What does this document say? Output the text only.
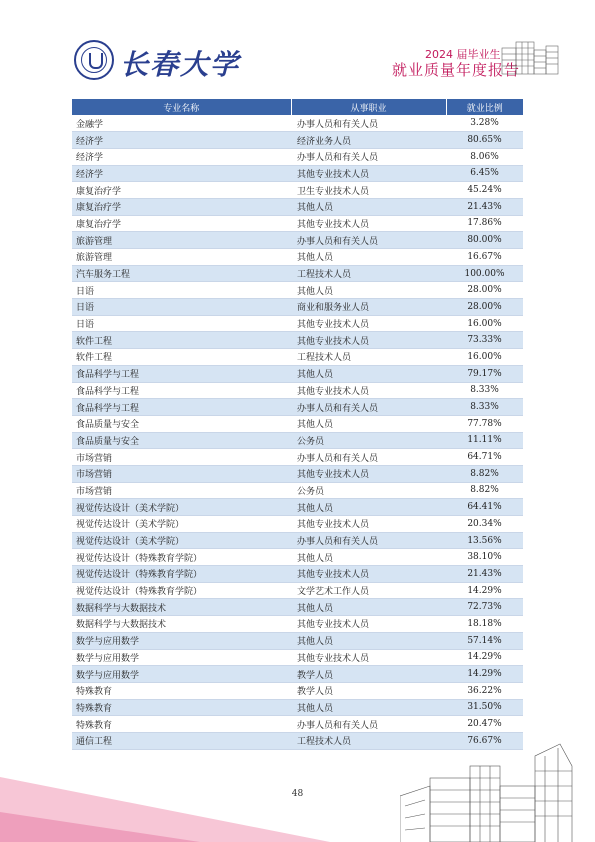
长春大学	2024 届毕业生
就业质量年度报告
专业名称	从事职业	就业比例
金融学	办事人员和有关人员	3.28%
经济学	经济业务人员	80.65%
经济学	办事人员和有关人员	8.06%
经济学	其他专业技术人员	6.45%
康复治疗学	卫生专业技术人员	45.24%
康复治疗学	其他人员	21.43%
康复治疗学	其他专业技术人员	17.86%
旅游管理	办事人员和有关人员	80.00%
旅游管理	其他人员	16.67%
汽车服务工程	工程技术人员	100.00%
日语	其他人员	28.00%
日语	商业和服务业人员	28.00%
日语	其他专业技术人员	16.00%
软件工程	其他专业技术人员	73.33%
软件工程	工程技术人员	16.00%
食品科学与工程	其他人员	79.17%
食品科学与工程	其他专业技术人员	8.33%
食品科学与工程	办事人员和有关人员	8.33%
食品质量与安全	其他人员	77.78%
食品质量与安全	公务员	11.11%
市场营销	办事人员和有关人员	64.71%
市场营销	其他专业技术人员	8.82%
市场营销	公务员	8.82%
视觉传达设计（美术学院）	其他人员	64.41%
视觉传达设计（美术学院）	其他专业技术人员	20.34%
视觉传达设计（美术学院）	办事人员和有关人员	13.56%
视觉传达设计（特殊教育学院）	其他人员	38.10%
视觉传达设计（特殊教育学院）	其他专业技术人员	21.43%
视觉传达设计（特殊教育学院）	文学艺术工作人员	14.29%
数据科学与大数据技术	其他人员	72.73%
数据科学与大数据技术	其他专业技术人员	18.18%
数学与应用数学	其他人员	57.14%
数学与应用数学	其他专业技术人员	14.29%
数学与应用数学	教学人员	14.29%
特殊教育	教学人员	36.22%
特殊教育	其他人员	31.50%
特殊教育	办事人员和有关人员	20.47%
通信工程	工程技术人员	76.67%
48
